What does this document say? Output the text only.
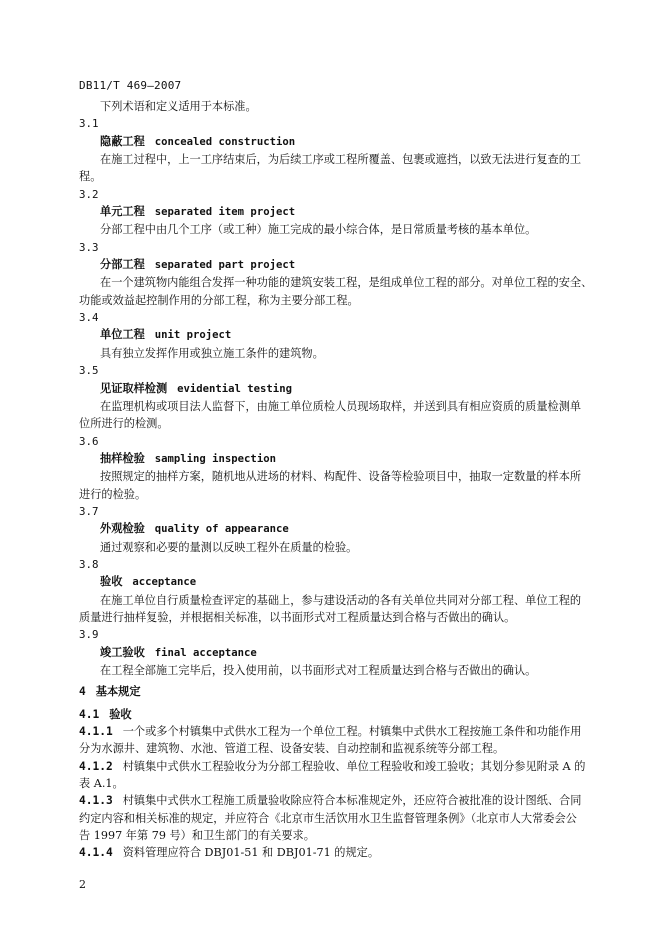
DB11/T 469—2007
下列术语和定义适用于本标准。
3.1
隐蔽工程 concealed construction
在施工过程中，上一工序结束后，为后续工序或工程所覆盖、包裹或遮挡，以致无法进行复查的工
程。
3.2
单元工程 separated item project
分部工程中由几个工序（或工种）施工完成的最小综合体，是日常质量考核的基本单位。
3.3
分部工程 separated part project
在一个建筑物内能组合发挥一种功能的建筑安装工程，是组成单位工程的部分。对单位工程的安全、
功能或效益起控制作用的分部工程，称为主要分部工程。
3.4
单位工程 unit project
具有独立发挥作用或独立施工条件的建筑物。
3.5
见证取样检测 evidential testing
在监理机构或项目法人监督下，由施工单位质检人员现场取样，并送到具有相应资质的质量检测单
位所进行的检测。
3.6
抽样检验 sampling inspection
按照规定的抽样方案，随机地从进场的材料、构配件、设备等检验项目中，抽取一定数量的样本所
进行的检验。
3.7
外观检验 quality of appearance
通过观察和必要的量测以反映工程外在质量的检验。
3.8
验收 acceptance
在施工单位自行质量检查评定的基础上，参与建设活动的各有关单位共同对分部工程、单位工程的
质量进行抽样复验，并根据相关标准，以书面形式对工程质量达到合格与否做出的确认。
3.9
竣工验收 final acceptance
在工程全部施工完毕后，投入使用前，以书面形式对工程质量达到合格与否做出的确认。
4 基本规定
4.1 验收
4.1.1 一个或多个村镇集中式供水工程为一个单位工程。村镇集中式供水工程按施工条件和功能作用
分为水源井、建筑物、水池、管道工程、设备安装、自动控制和监视系统等分部工程。
4.1.2 村镇集中式供水工程验收分为分部工程验收、单位工程验收和竣工验收；其划分参见附录 A 的
表 A.1。
4.1.3 村镇集中式供水工程施工质量验收除应符合本标准规定外，还应符合被批准的设计图纸、合同
约定内容和相关标准的规定，并应符合《北京市生活饮用水卫生监督管理条例》（北京市人大常委会公
告 1997 年第 79 号）和卫生部门的有关要求。
4.1.4 资料管理应符合 DBJ01-51 和 DBJ01-71 的规定。
2
